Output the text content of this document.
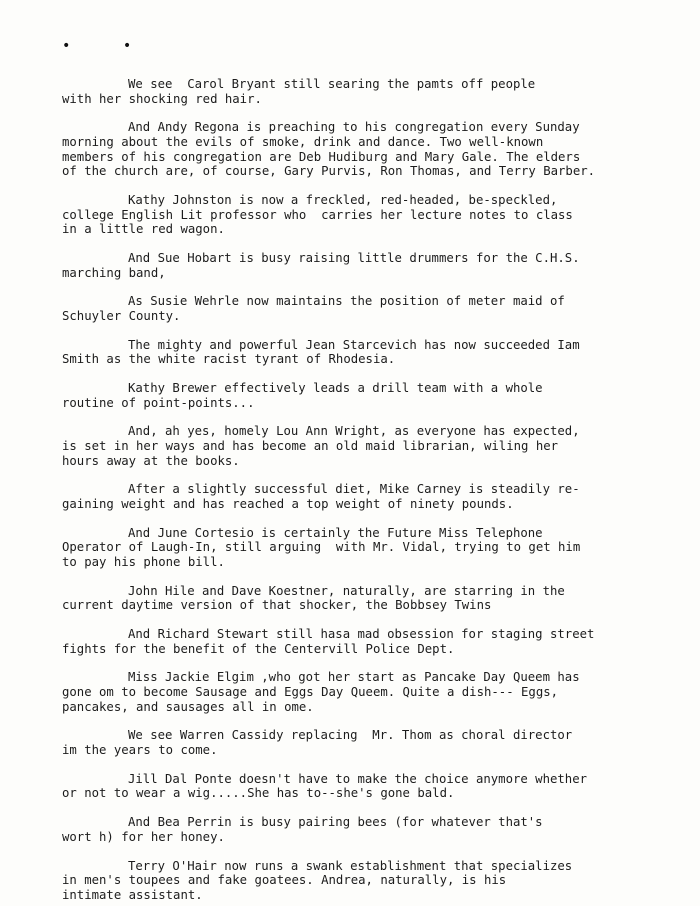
• •

We see  Carol Bryant still searing the pamts off people
with her shocking red hair.

And Andy Regona is preaching to his congregation every Sunday
morning about the evils of smoke, drink and dance. Two well-known
members of his congregation are Deb Hudiburg and Mary Gale. The elders
of the church are, of course, Gary Purvis, Ron Thomas, and Terry Barber.

Kathy Johnston is now a freckled, red-headed, be-speckled,
college English Lit professor who  carries her lecture notes to class
in a little red wagon.

And Sue Hobart is busy raising little drummers for the C.H.S.
marching band,

As Susie Wehrle now maintains the position of meter maid of
Schuyler County.

The mighty and powerful Jean Starcevich has now succeeded Iam
Smith as the white racist tyrant of Rhodesia.

Kathy Brewer effectively leads a drill team with a whole
routine of point-points...

And, ah yes, homely Lou Ann Wright, as everyone has expected,
is set in her ways and has become an old maid librarian, wiling her
hours away at the books.

After a slightly successful diet, Mike Carney is steadily re-
gaining weight and has reached a top weight of ninety pounds.

And June Cortesio is certainly the Future Miss Telephone
Operator of Laugh-In, still arguing  with Mr. Vidal, trying to get him
to pay his phone bill.

John Hile and Dave Koestner, naturally, are starring in the
current daytime version of that shocker, the Bobbsey Twins

And Richard Stewart still hasa mad obsession for staging street
fights for the benefit of the Centervill Police Dept.

Miss Jackie Elgim ,who got her start as Pancake Day Queem has
gone om to become Sausage and Eggs Day Queem. Quite a dish--- Eggs,
pancakes, and sausages all in ome.

We see Warren Cassidy replacing  Mr. Thom as choral director
im the years to come.

Jill Dal Ponte doesn't have to make the choice anymore whether
or not to wear a wig.....She has to--she's gone bald.

And Bea Perrin is busy pairing bees (for whatever that's
wort h) for her honey.

Terry O'Hair now runs a swank establishment that specializes
in men's toupees and fake goatees. Andrea, naturally, is his
intimate assistant.
